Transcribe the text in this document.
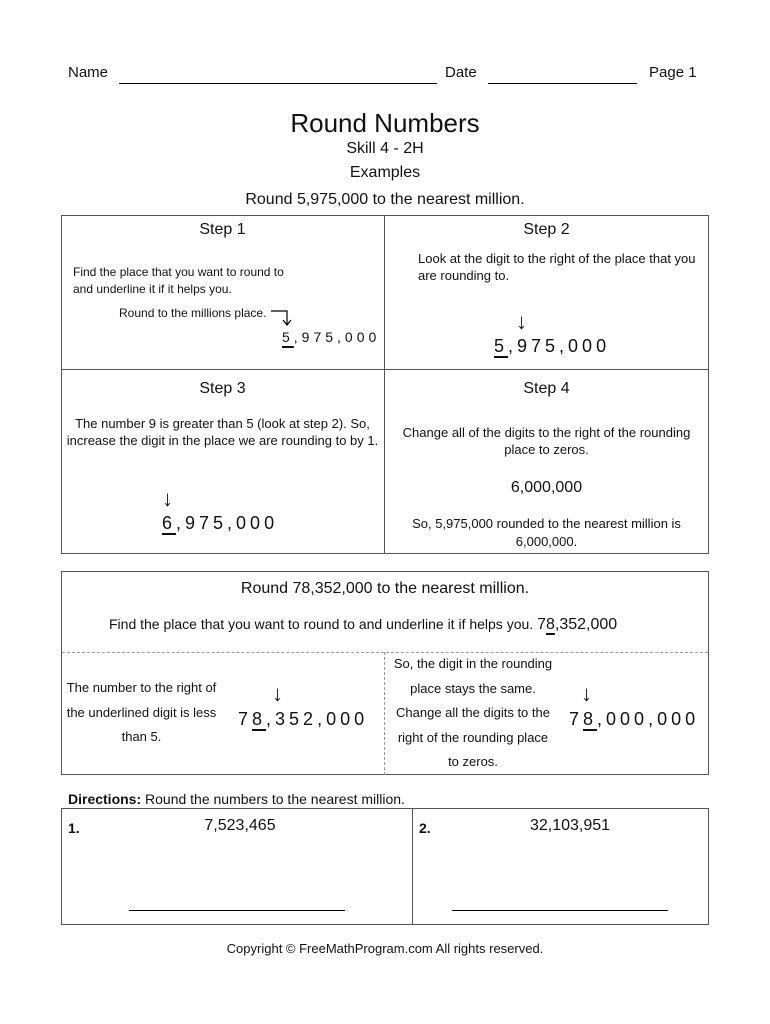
Name	Date	Page 1
Round Numbers
Skill 4 - 2H
Examples
Round 5,975,000 to the nearest million.
Step 1
Find the place that you want to round to and underline it if it helps you.
Round to the millions place.
5,975,000
Step 2
Look at the digit to the right of the place that you are rounding to.
↓
5,975,000
Step 3
The number 9 is greater than 5 (look at step 2). So, increase the digit in the place we are rounding to by 1.
↓
6,975,000
Step 4
Change all of the digits to the right of the rounding place to zeros.
6,000,000
So, 5,975,000 rounded to the nearest million is 6,000,000.
Round 78,352,000 to the nearest million.
Find the place that you want to round to and underline it if helps you. 78,352,000
The number to the right of the underlined digit is less than 5.
↓
78,352,000
So, the digit in the rounding place stays the same. Change all the digits to the right of the rounding place to zeros.
↓
78,000,000
Directions: Round the numbers to the nearest million.
1.	7,523,465	2.	32,103,951
Copyright © FreeMathProgram.com All rights reserved.
